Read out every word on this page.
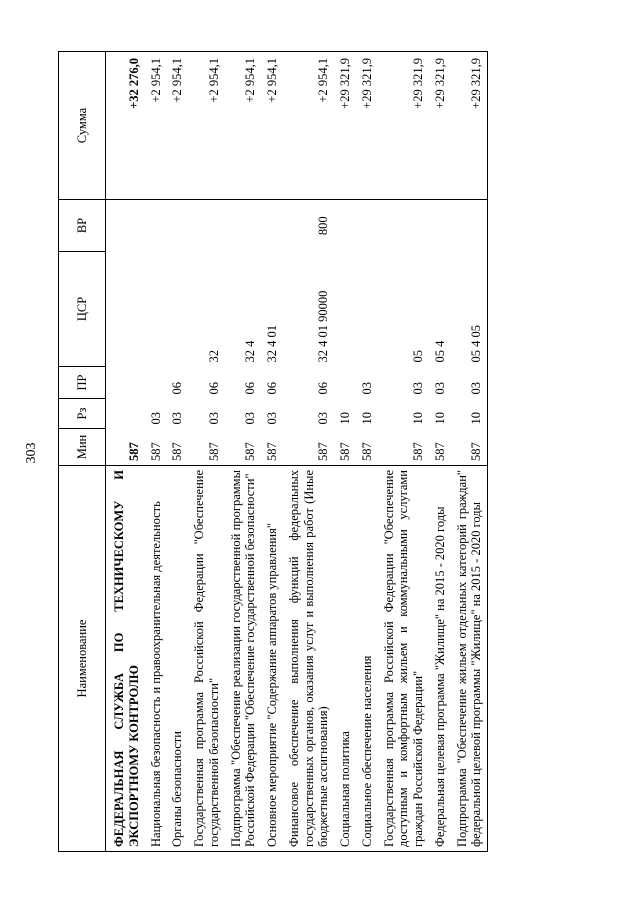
303
Наименование	Мин	Рз	ПР	ЦСР	ВР	Сумма
ФЕДЕРАЛЬНАЯ СЛУЖБА ПО ТЕХНИЧЕСКОМУ И ЭКСПОРТНОМУ КОНТРОЛЮ	587					+32 276,0
Национальная безопасность и правоохранительная деятельность	587	03				+2 954,1
Органы безопасности	587	03	06			+2 954,1
Государственная программа Российской Федерации "Обеспечение государственной безопасности"	587	03	06	32		+2 954,1
Подпрограмма "Обеспечение реализации государственной программы Российской Федерации "Обеспечение государственной безопасности"	587	03	06	32 4		+2 954,1
Основное мероприятие "Содержание аппаратов управления"	587	03	06	32 4 01		+2 954,1
Финансовое обеспечение выполнения функций федеральных государственных органов, оказания услуг и выполнения работ (Иные бюджетные ассигнования)	587	03	06	32 4 01 90000	800	+2 954,1
Социальная политика	587	10				+29 321,9
Социальное обеспечение населения	587	10	03			+29 321,9
Государственная программа Российской Федерации "Обеспечение доступным и комфортным жильем и коммунальными услугами граждан Российской Федерации"	587	10	03	05		+29 321,9
Федеральная целевая программа "Жилище" на 2015 - 2020 годы	587	10	03	05 4		+29 321,9
Подпрограмма "Обеспечение жильем отдельных категорий граждан" федеральной целевой программы "Жилище" на 2015 - 2020 годы	587	10	03	05 4 05		+29 321,9
